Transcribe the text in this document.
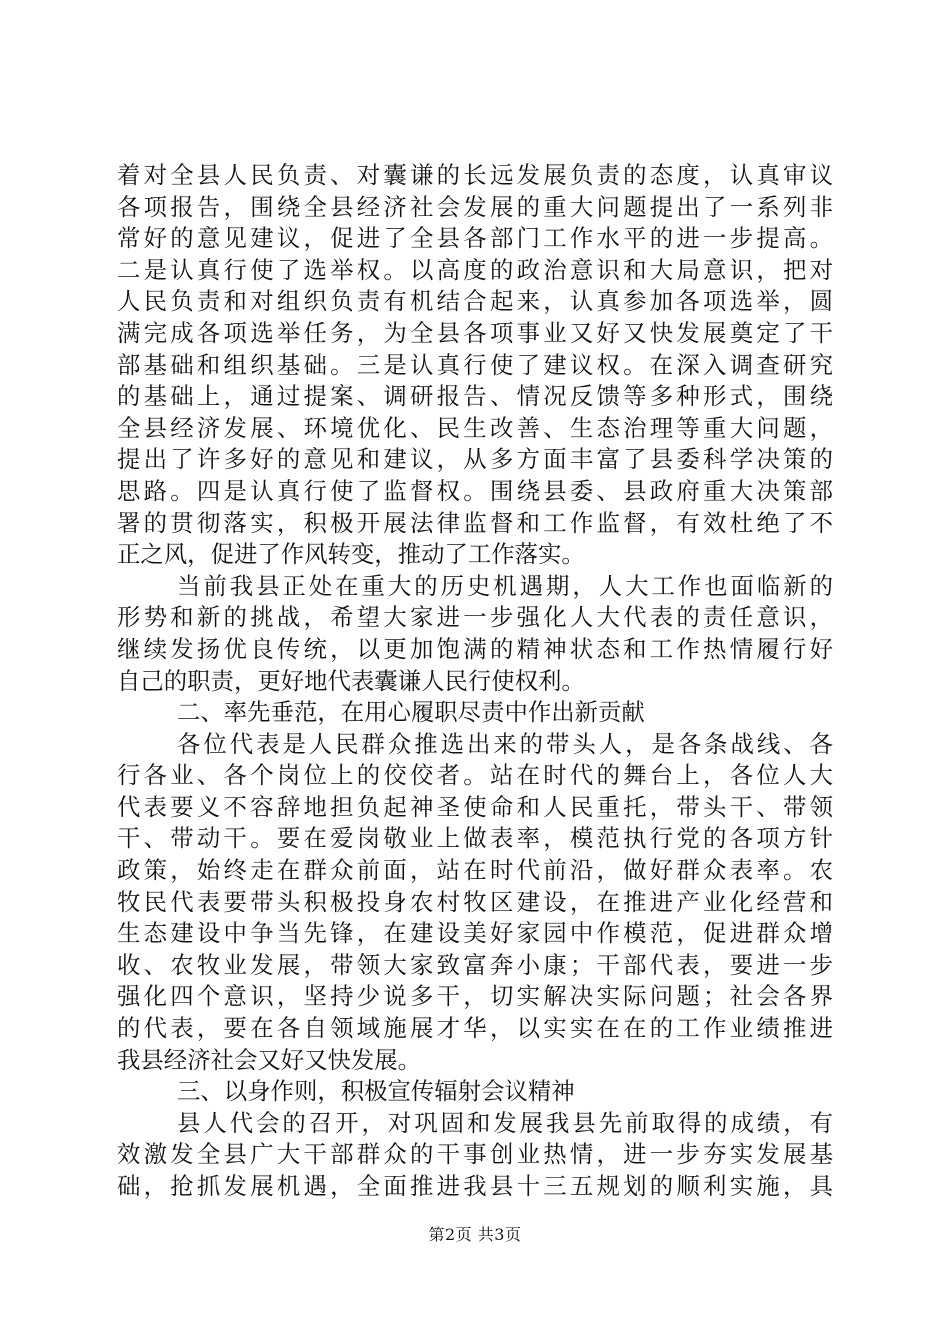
着对全县人民负责、对囊谦的长远发展负责的态度，认真审议
各项报告，围绕全县经济社会发展的重大问题提出了一系列非
常好的意见建议，促进了全县各部门工作水平的进一步提高。
二是认真行使了选举权。以高度的政治意识和大局意识，把对
人民负责和对组织负责有机结合起来，认真参加各项选举，圆
满完成各项选举任务，为全县各项事业又好又快发展奠定了干
部基础和组织基础。三是认真行使了建议权。在深入调查研究
的基础上，通过提案、调研报告、情况反馈等多种形式，围绕
全县经济发展、环境优化、民生改善、生态治理等重大问题，
提出了许多好的意见和建议，从多方面丰富了县委科学决策的
思路。四是认真行使了监督权。围绕县委、县政府重大决策部
署的贯彻落实，积极开展法律监督和工作监督，有效杜绝了不
正之风，促进了作风转变，推动了工作落实。
当前我县正处在重大的历史机遇期，人大工作也面临新的
形势和新的挑战，希望大家进一步强化人大代表的责任意识，
继续发扬优良传统，以更加饱满的精神状态和工作热情履行好
自己的职责，更好地代表囊谦人民行使权利。
二、率先垂范，在用心履职尽责中作出新贡献
各位代表是人民群众推选出来的带头人，是各条战线、各
行各业、各个岗位上的佼佼者。站在时代的舞台上，各位人大
代表要义不容辞地担负起神圣使命和人民重托，带头干、带领
干、带动干。要在爱岗敬业上做表率，模范执行党的各项方针
政策，始终走在群众前面，站在时代前沿，做好群众表率。农
牧民代表要带头积极投身农村牧区建设，在推进产业化经营和
生态建设中争当先锋，在建设美好家园中作模范，促进群众增
收、农牧业发展，带领大家致富奔小康；干部代表，要进一步
强化四个意识，坚持少说多干，切实解决实际问题；社会各界
的代表，要在各自领域施展才华，以实实在在的工作业绩推进
我县经济社会又好又快发展。
三、以身作则，积极宣传辐射会议精神
县人代会的召开，对巩固和发展我县先前取得的成绩，有
效激发全县广大干部群众的干事创业热情，进一步夯实发展基
础，抢抓发展机遇，全面推进我县十三五规划的顺利实施，具
第2页 共3页
